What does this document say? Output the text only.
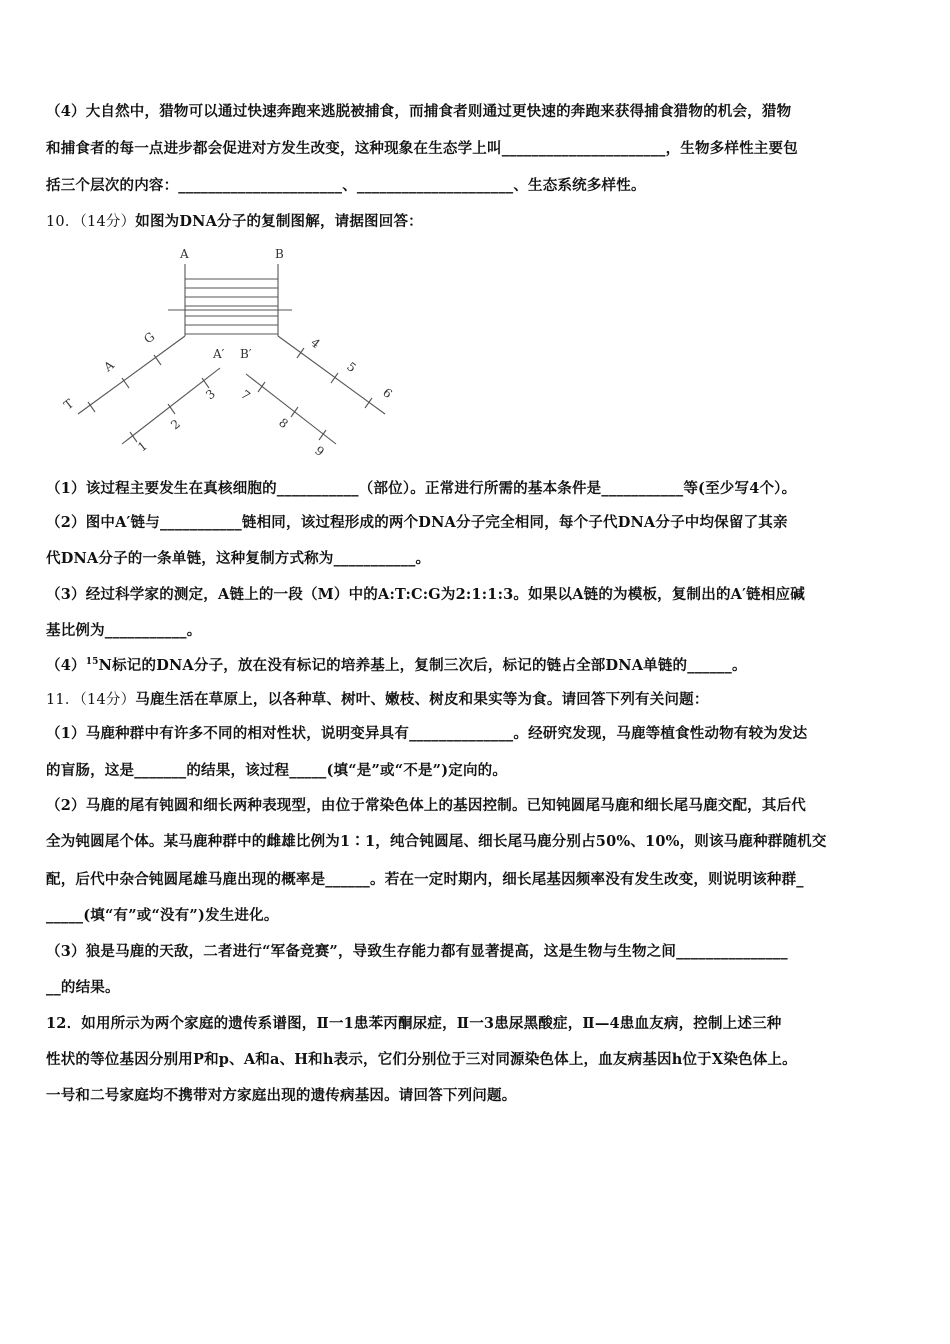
（4）大自然中，猎物可以通过快速奔跑来逃脱被捕食，而捕食者则通过更快速的奔跑来获得捕食猎物的机会，猎物
和捕食者的每一点进步都会促进对方发生改变，这种现象在生态学上叫______________________，生物多样性主要包
括三个层次的内容：______________________、_____________________、生态系统多样性。
10．（14分）如图为DNA分子的复制图解，请据图回答：
A	B
A′ B′
1
2
3
4
5
6
7
8
9
T
A
G
（1）该过程主要发生在真核细胞的___________（部位）。正常进行所需的基本条件是___________等(至少写4个）。
（2）图中A′链与___________链相同，该过程形成的两个DNA分子完全相同，每个子代DNA分子中均保留了其亲
代DNA分子的一条单链，这种复制方式称为___________。
（3）经过科学家的测定，A链上的一段（M）中的A:T:C:G为2:1:1:3。如果以A链的为模板，复制出的A′链相应碱
基比例为___________。
$(4)^{15}N$标记的DNA分子，放在没有标记的培养基上，复制三次后，标记的链占全部DNA单链的______。
11．（14分）马鹿生活在草原上，以各种草、树叶、嫩枝、树皮和果实等为食。请回答下列有关问题：
（1）马鹿种群中有许多不同的相对性状，说明变异具有______________。经研究发现，马鹿等植食性动物有较为发达
的盲肠，这是_______的结果，该过程_____(填“是”或“不是”)定向的。
（2）马鹿的尾有钝圆和细长两种表现型，由位于常染色体上的基因控制。已知钝圆尾马鹿和细长尾马鹿交配，其后代
全为钝圆尾个体。某马鹿种群中的雌雄比例为1∶1，纯合钝圆尾、细长尾马鹿分别占50%、10%，则该马鹿种群随机交
配，后代中杂合钝圆尾雄马鹿出现的概率是______。若在一定时期内，细长尾基因频率没有发生改变，则说明该种群_
_____(填“有”或“没有”)发生进化。
（3）狼是马鹿的天敌，二者进行“军备竞赛”，导致生存能力都有显著提高，这是生物与生物之间_______________
__的结果。
12．如用所示为两个家庭的遗传系谱图，Ⅱ一1患苯丙酮尿症，Ⅱ一3患尿黑酸症，Ⅱ—4患血友病，控制上述三种
性状的等位基因分别用P和p、A和a、H和h表示，它们分别位于三对同源染色体上，血友病基因h位于X染色体上。
一号和二号家庭均不携带对方家庭出现的遗传病基因。请回答下列问题。
